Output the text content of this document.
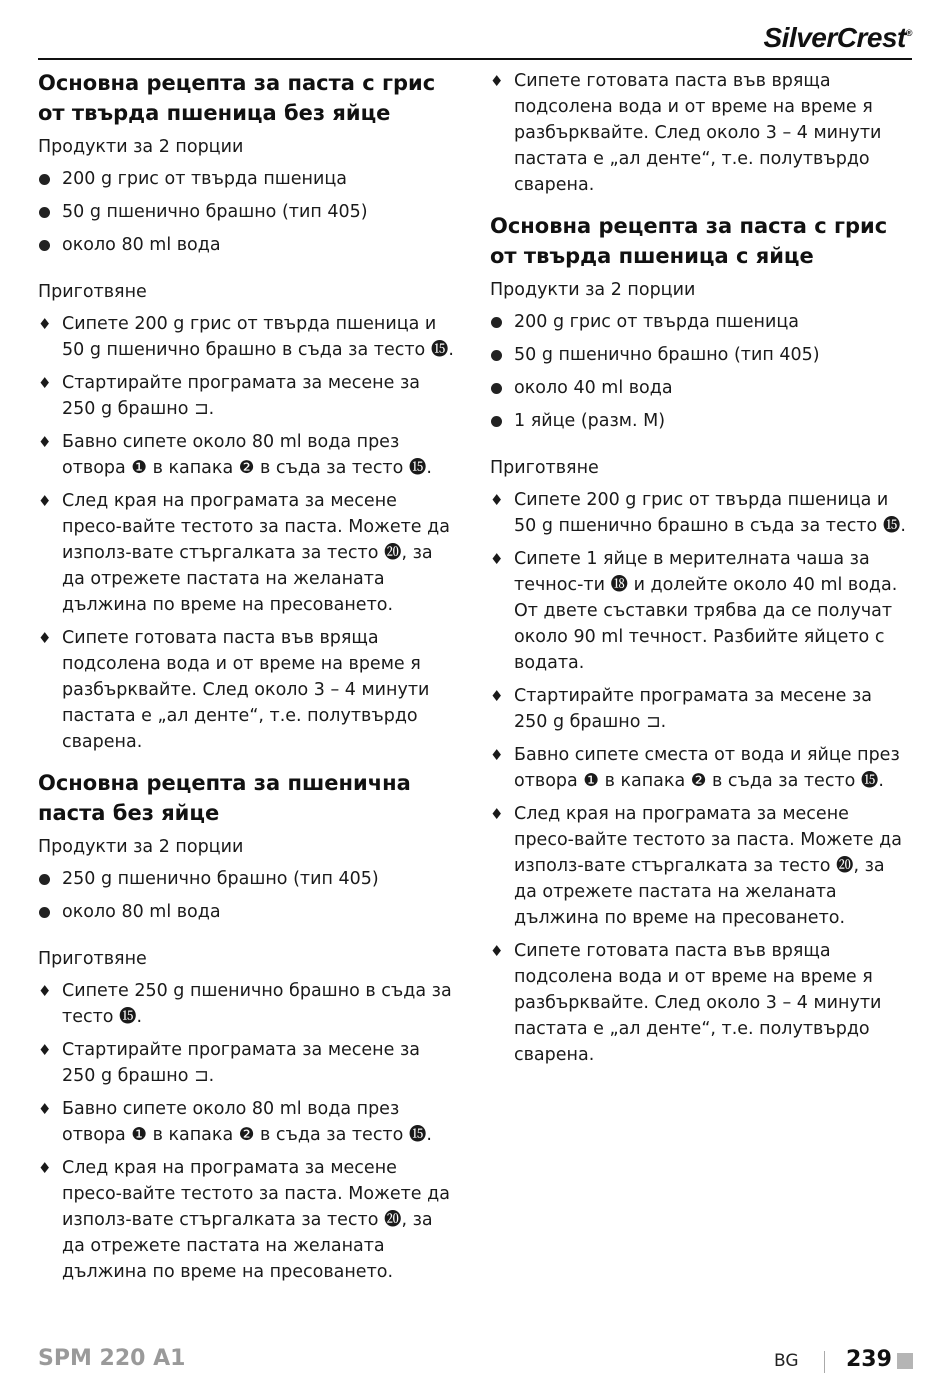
SilverCrest®
Основна рецепта за паста с грис от твърда пшеница без яйце
Продукти за 2 порции
200 g грис от твърда пшеница
50 g пшенично брашно (тип 405)
около 80 ml вода
Приготвяне
♦ Сипете 200 g грис от твърда пшеница и 50 g пшенично брашно в съда за тесто ⓯.
♦ Стартирайте програмата за месене за 250 g брашно ⊐.
♦ Бавно сипете около 80 ml вода през отвора ❶ в капака ❷ в съда за тесто ⓯.
♦ След края на програмата за месене пресо-вайте тестото за паста. Можете да използ-вате стъргалката за тесто ⓴, за да отрежете пастата на желаната дължина по време на пресоването.
♦ Сипете готовата паста във вряща подсолена вода и от време на време я разбърквайте. След около 3 – 4 минути пастата е „ал денте“, т.е. полутвърдо сварена.
Основна рецепта за пшенична паста без яйце
Продукти за 2 порции
250 g пшенично брашно (тип 405)
около 80 ml вода
Приготвяне
♦ Сипете 250 g пшенично брашно в съда за тесто ⓯.
♦ Стартирайте програмата за месене за 250 g брашно ⊐.
♦ Бавно сипете около 80 ml вода през отвора ❶ в капака ❷ в съда за тесто ⓯.
♦ След края на програмата за месене пресо-вайте тестото за паста. Можете да използ-вате стъргалката за тесто ⓴, за да отрежете пастата на желаната дължина по време на пресоването.
♦ Сипете готовата паста във вряща подсолена вода и от време на време я разбърквайте. След около 3 – 4 минути пастата е „ал денте“, т.е. полутвърдо сварена.
Основна рецепта за паста с грис от твърда пшеница с яйце
Продукти за 2 порции
200 g грис от твърда пшеница
50 g пшенично брашно (тип 405)
около 40 ml вода
1 яйце (разм. M)
Приготвяне
♦ Сипете 200 g грис от твърда пшеница и 50 g пшенично брашно в съда за тесто ⓯.
♦ Сипете 1 яйце в мерителната чаша за течнос-ти ⓲ и долейте около 40 ml вода. От двете съставки трябва да се получат около 90 ml течност. Разбийте яйцето с водата.
♦ Стартирайте програмата за месене за 250 g брашно ⊐.
♦ Бавно сипете сместа от вода и яйце през отвора ❶ в капака ❷ в съда за тесто ⓯.
♦ След края на програмата за месене пресо-вайте тестото за паста. Можете да използ-вате стъргалката за тесто ⓴, за да отрежете пастата на желаната дължина по време на пресоването.
♦ Сипете готовата паста във вряща подсолена вода и от време на време я разбърквайте. След около 3 – 4 минути пастата е „ал денте“, т.е. полутвърдо сварена.
SPM 220 A1	BG 239
